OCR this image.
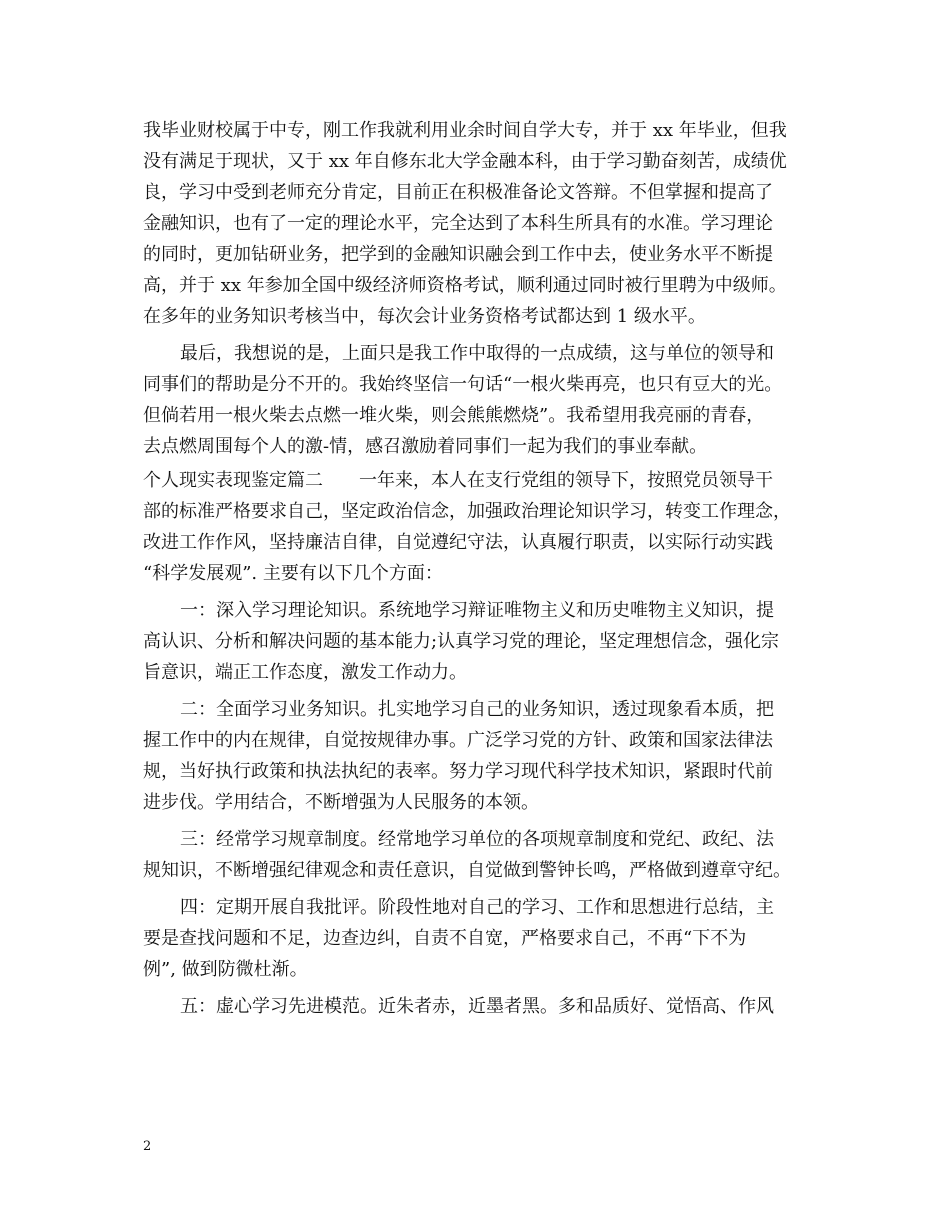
我毕业财校属于中专，刚工作我就利用业余时间自学大专，并于 xx 年毕业，但我
没有满足于现状，又于 xx 年自修东北大学金融本科，由于学习勤奋刻苦，成绩优
良，学习中受到老师充分肯定，目前正在积极准备论文答辩。不但掌握和提高了
金融知识，也有了一定的理论水平，完全达到了本科生所具有的水准。学习理论
的同时，更加钻研业务，把学到的金融知识融会到工作中去，使业务水平不断提
高，并于 xx 年参加全国中级经济师资格考试，顺利通过同时被行里聘为中级师。
在多年的业务知识考核当中，每次会计业务资格考试都达到 1 级水平。
最后，我想说的是，上面只是我工作中取得的一点成绩，这与单位的领导和
同事们的帮助是分不开的。我始终坚信一句话“一根火柴再亮，也只有豆大的光。
但倘若用一根火柴去点燃一堆火柴，则会熊熊燃烧”。我希望用我亮丽的青春，
去点燃周围每个人的激-情，感召激励着同事们一起为我们的事业奉献。
个人现实表现鉴定篇二　　一年来，本人在支行党组的领导下，按照党员领导干
部的标准严格要求自己，坚定政治信念，加强政治理论知识学习，转变工作理念，
改进工作作风，坚持廉洁自律，自觉遵纪守法，认真履行职责，以实际行动实践
“科学发展观”. 主要有以下几个方面：
一：深入学习理论知识。系统地学习辩证唯物主义和历史唯物主义知识，提
高认识、分析和解决问题的基本能力;认真学习党的理论，坚定理想信念，强化宗
旨意识，端正工作态度，激发工作动力。
二：全面学习业务知识。扎实地学习自己的业务知识，透过现象看本质，把
握工作中的内在规律，自觉按规律办事。广泛学习党的方针、政策和国家法律法
规，当好执行政策和执法执纪的表率。努力学习现代科学技术知识，紧跟时代前
进步伐。学用结合，不断增强为人民服务的本领。
三：经常学习规章制度。经常地学习单位的各项规章制度和党纪、政纪、法
规知识，不断增强纪律观念和责任意识，自觉做到警钟长鸣，严格做到遵章守纪。
四：定期开展自我批评。阶段性地对自己的学习、工作和思想进行总结，主
要是查找问题和不足，边查边纠，自责不自宽，严格要求自己，不再“下不为
例”, 做到防微杜渐。
五：虚心学习先进模范。近朱者赤，近墨者黑。多和品质好、觉悟高、作风
2
